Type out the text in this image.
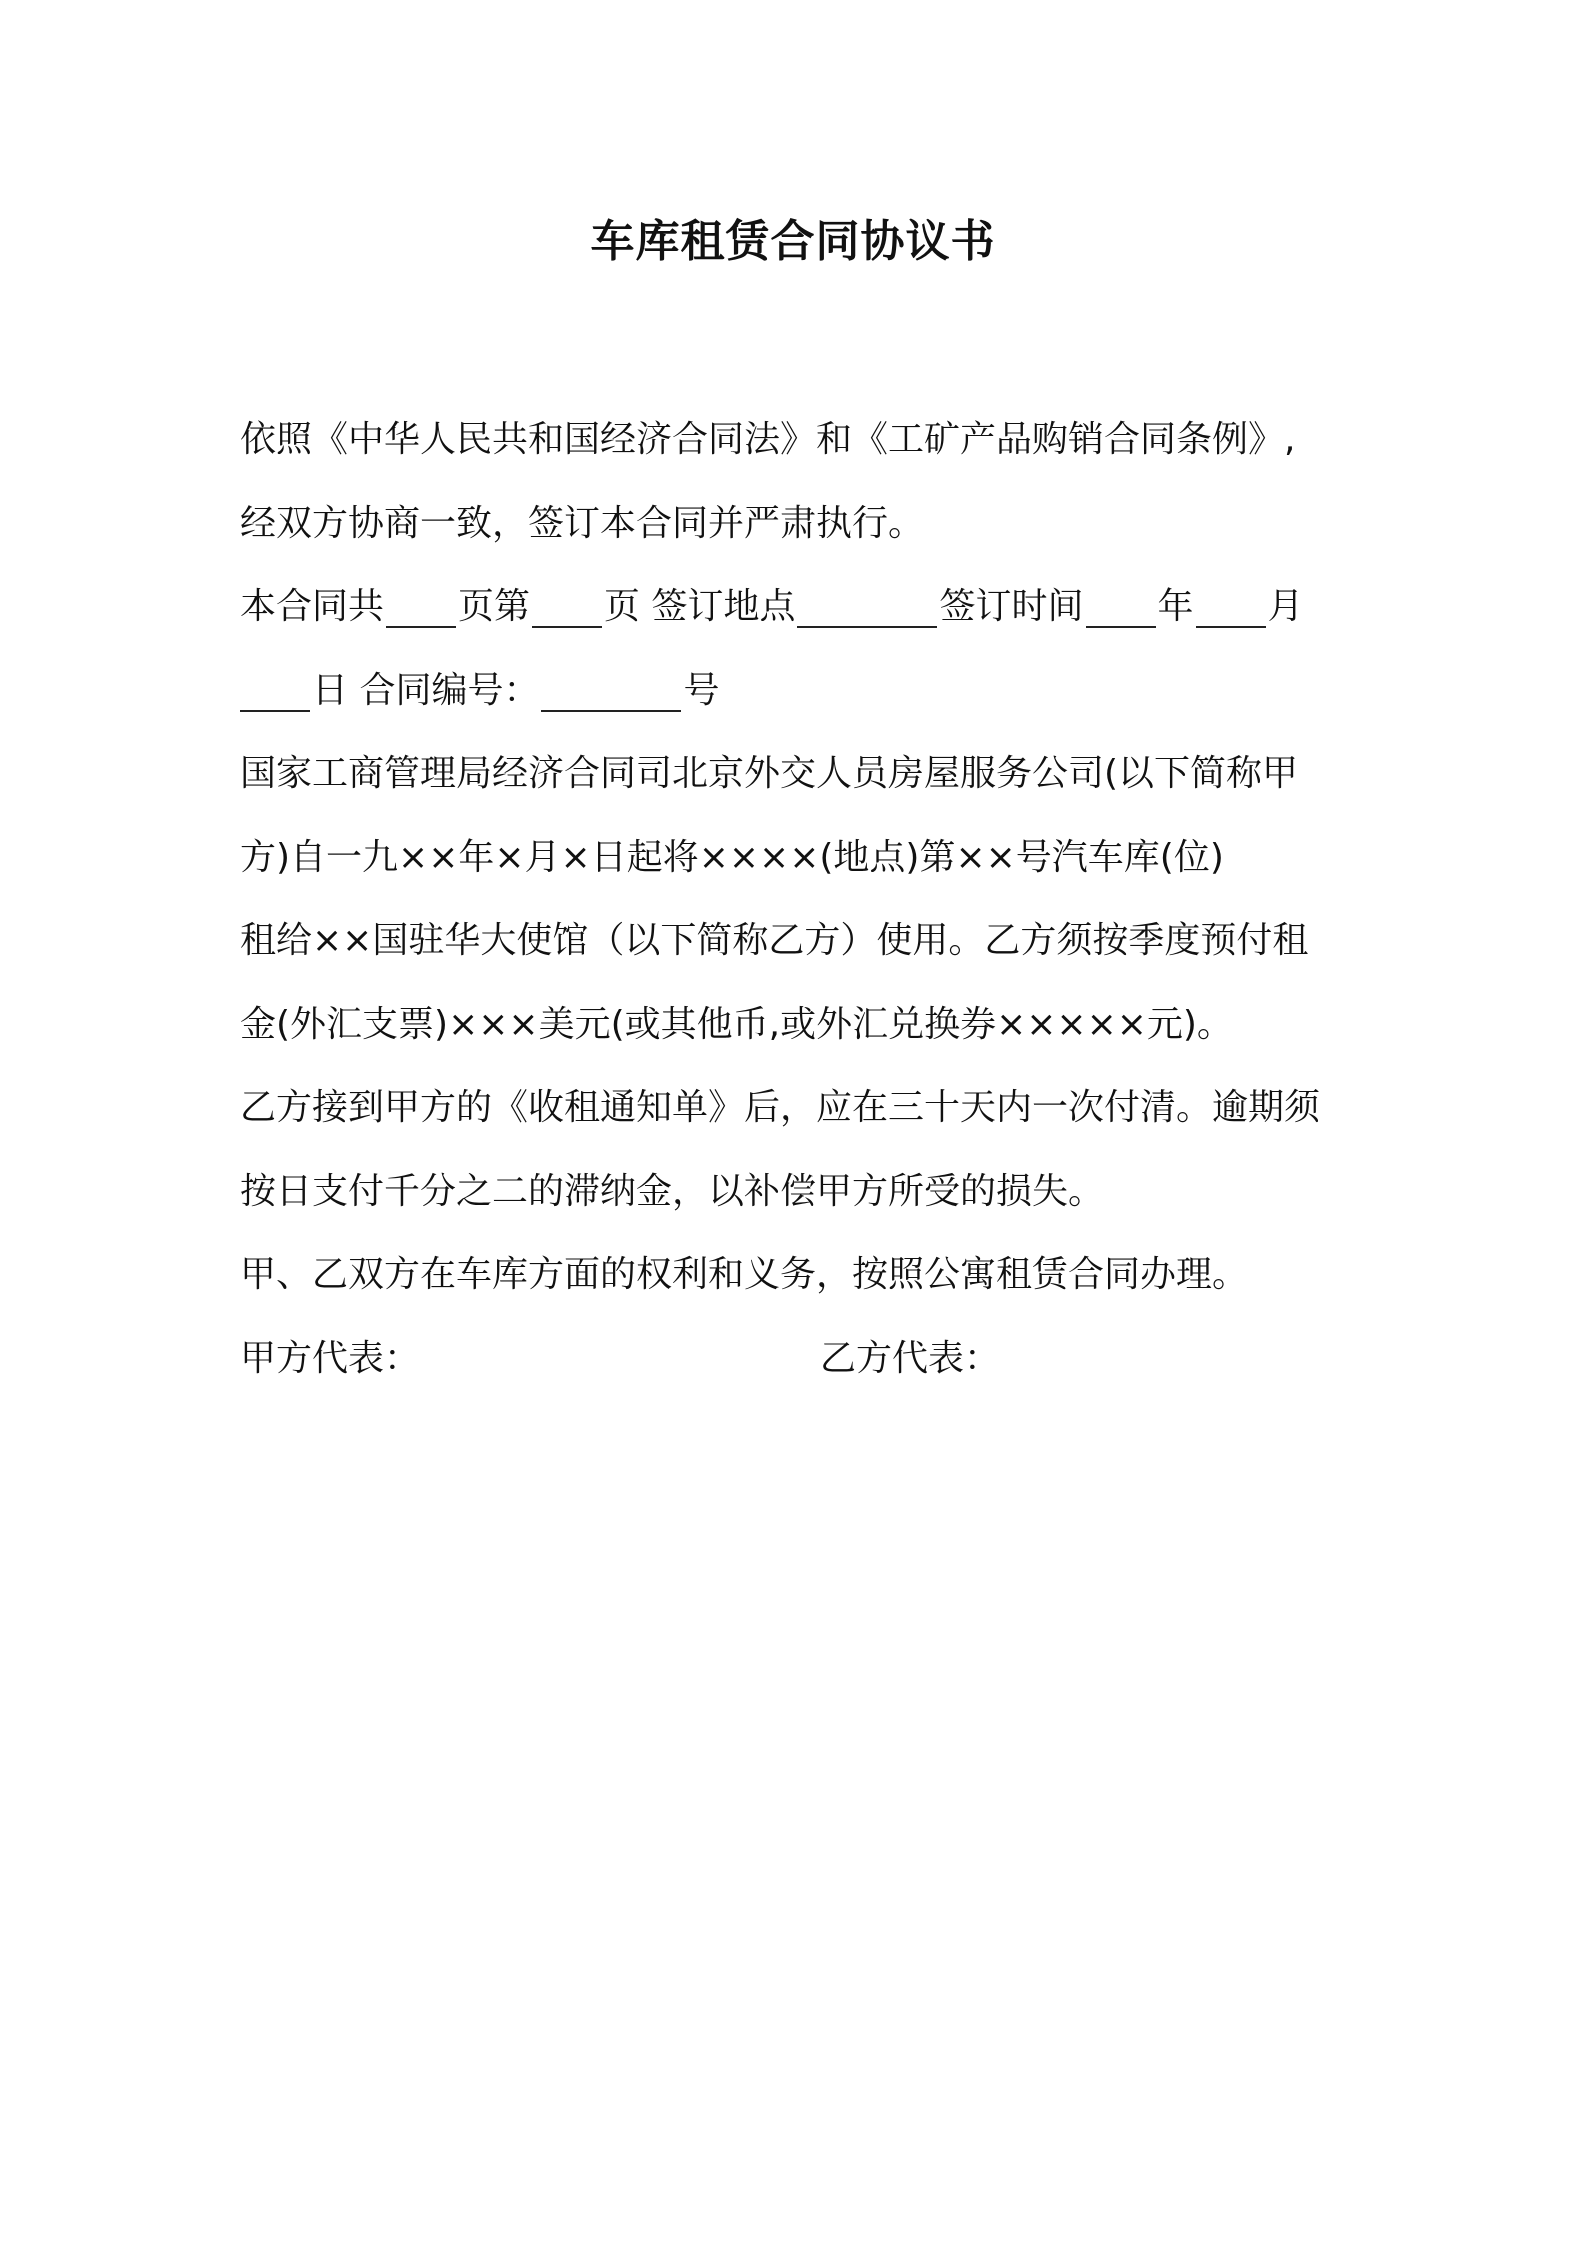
车库租赁合同协议书
依照《中华人民共和国经济合同法》和《工矿产品购销合同条例》,
经双方协商一致，签订本合同并严肃执行。
本合同共 页第 页 签订地点	签订时间 年 月
日 合同编号：	号
国家工商管理局经济合同司北京外交人员房屋服务公司(以下简称甲
方)自一九××年×月×日起将××××(地点)第××号汽车库(位)
租给××国驻华大使馆（以下简称乙方）使用。乙方须按季度预付租
金(外汇支票)×××美元(或其他币,或外汇兑换券×××××元)。
乙方接到甲方的《收租通知单》后，应在三十天内一次付清。逾期须
按日支付千分之二的滞纳金，以补偿甲方所受的损失。
甲、乙双方在车库方面的权利和义务，按照公寓租赁合同办理。
甲方代表：	乙方代表：
